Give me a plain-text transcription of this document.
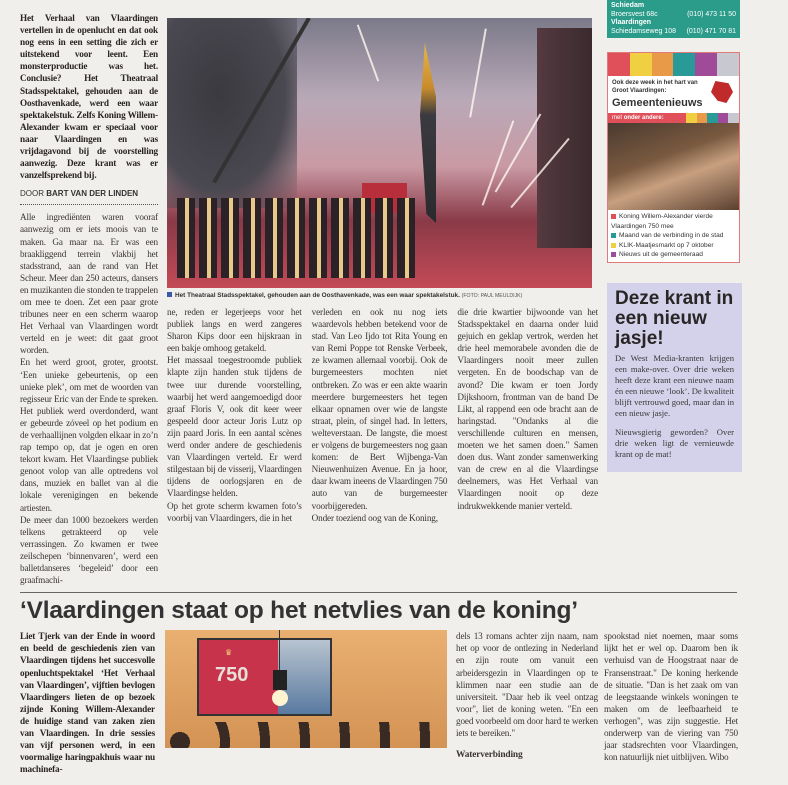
Het Verhaal van Vlaardingen vertellen in de openlucht en dat ook nog eens in een setting die zich er uitstekend voor leent. Een monsterproductie was het. Conclusie? Het Theatraal Stadsspektakel, gehouden aan de Oosthavenkade, werd een waar spektakelstuk. Zelfs Koning Willem-Alexander kwam er speciaal voor naar Vlaardingen en was vrijdagavond bij de voorstelling aanwezig. Deze krant was er vanzelfsprekend bij.
DOOR BART VAN DER LINDEN

Alle ingrediënten waren vooraf aanwezig om er iets moois van te maken. Ga maar na. Er was een braakliggend terrein vlakbij het stadsstrand, aan de rand van Het Scheur. Meer dan 250 acteurs, dansers en muzikanten die stonden te trappelen om mee te doen. Zet een paar grote tribunes neer en een scherm waarop Het Verhaal van Vlaardingen wordt verteld en je weet: dit gaat groot worden.

En het werd groot, groter, grootst. ‘Een unieke gebeurtenis, op een unieke plek’, om met de woorden van regisseur Eric van der Ende te spreken. Het publiek werd overdonderd, want er gebeurde zóveel op het podium en de verhaallijnen volgden elkaar in zo’n rap tempo op, dat je ogen en oren tekort kwam. Het Vlaardingse publiek genoot volop van alle optredens vol dans, muziek en ballet van al die lokale verenigingen en bekende artiesten.

De meer dan 1000 bezoekers werden telkens getrakteerd op vele verrassingen. Zo kwamen er twee zeilschepen ‘binnenvaren’, werd een balletdanseres ‘begeleid’ door een graafmachi-

Het Theatraal Stadsspektakel, gehouden aan de Oosthavenkade, was een waar spektakelstuk. (FOTO: PAUL MEULDIJK)

ne, reden er legerjeeps voor het publiek langs en werd zangeres Sharon Kips door een hijskraan in een bakje omhoog getakeld.

Het massaal toegestroomde publiek klapte zijn handen stuk tijdens de twee uur durende voorstelling, waarbij het werd aangemoedigd door graaf Floris V, ook dit keer weer gespeeld door acteur Joris Lutz op zijn paard Joris. In een aantal scènes werd onder andere de geschiedenis van Vlaardingen verteld. Er werd stilgestaan bij de visserij, Vlaardingen tijdens de oorlogsjaren en de Vlaardingse helden.

Op het grote scherm kwamen foto’s voorbij van Vlaardingers, die in het

verleden en ook nu nog iets waardevols hebben betekend voor de stad. Van Leo Ijdo tot Rita Young en van Remi Poppe tot Renske Verbeek, ze kwamen allemaal voorbij. Ook de burgemeesters mochten niet ontbreken. Zo was er een akte waarin meerdere burgemeesters het tegen elkaar opnamen over wie de langste straat, plein, of singel had. In letters, welteverstaan. De langste, die moest er volgens de burgemeesters nog gaan komen: de Bert Wijbenga-Van Nieuwenhuizen Avenue. En ja hoor, daar kwam ineens de Vlaardingen 750 auto van de burgemeester voorbijgereden.

Onder toeziend oog van de Koning,

die drie kwartier bijwoonde van het Stadsspektakel en daarna onder luid gejuich en geklap vertrok, werden het drie heel memorabele avonden die de Vlaardingers nooit meer zullen vergeten. En de boodschap van de avond? Die kwam er toen Jordy Dijkshoorn, frontman van de band De Likt, al rappend een ode bracht aan de haringstad. "Ondanks al die verschillende culturen en mensen, moeten we het samen doen." Samen doen dus. Want zonder samenwerking van de crew en al die Vlaardingse deelnemers, was Het Verhaal van Vlaardingen nooit op deze indrukwekkende manier verteld.

Schiedam
Broersvest 68c	(010) 473 11 50
Vlaardingen
Schiedamseweg 108 (010) 471 70 81
Ook deze week in het hart van Groot Vlaardingen:
Gemeentenieuws
met onder andere:
Koning Willem-Alexander vierde Vlaardingen 750 mee
Maand van de verbinding in de stad
KLIK-Maatjesmarkt op 7 oktober
Nieuws uit de gemeenteraad
Deze krant in een nieuw jasje!

De West Media-kranten krijgen een make-over. Over drie weken heeft deze krant een nieuwe naam én een nieuwe ‘look’. De kwaliteit blijft vertrouwd goed, maar dan in een nieuw jasje.

Nieuwsgierig geworden? Over drie weken ligt de vernieuwde krant op de mat!

‘Vlaardingen staat op het netvlies van de koning’
Liet Tjerk van der Ende in woord en beeld de geschiedenis zien van Vlaardingen tijdens het succesvolle openluchtspektakel ‘Het Verhaal van Vlaardingen’, vijftien bevlogen Vlaardingers lieten de op bezoek zijnde Koning Willem-Alexander de huidige stand van zaken zien van Vlaardingen. In drie sessies van vijf personen werd, in een voormalige haringpakhuis waar nu machinefa-
♛
750

dels 13 romans achter zijn naam, nam het op voor de ontlezing in Nederland en zijn route om vanuit een arbeidersgezin in Vlaardingen op te klimmen naar een studie aan de universiteit. "Daar heb ik veel ontzag voor", liet de koning weten. "En een goed voorbeeld om door hard te werken iets te bereiken."

Waterverbinding

spookstad niet noemen, maar soms lijkt het er wel op. Daarom ben ik verhuisd van de Hoogstraat naar de Fransenstraat." De koning herkende de situatie. "Dan is het zaak om van de leegstaande winkels woningen te maken om de leefbaarheid te verhogen", was zijn suggestie. Het onderwerp van de viering van 750 jaar stadsrechten voor Vlaardingen, kon natuurlijk niet uitblijven. Wibo
